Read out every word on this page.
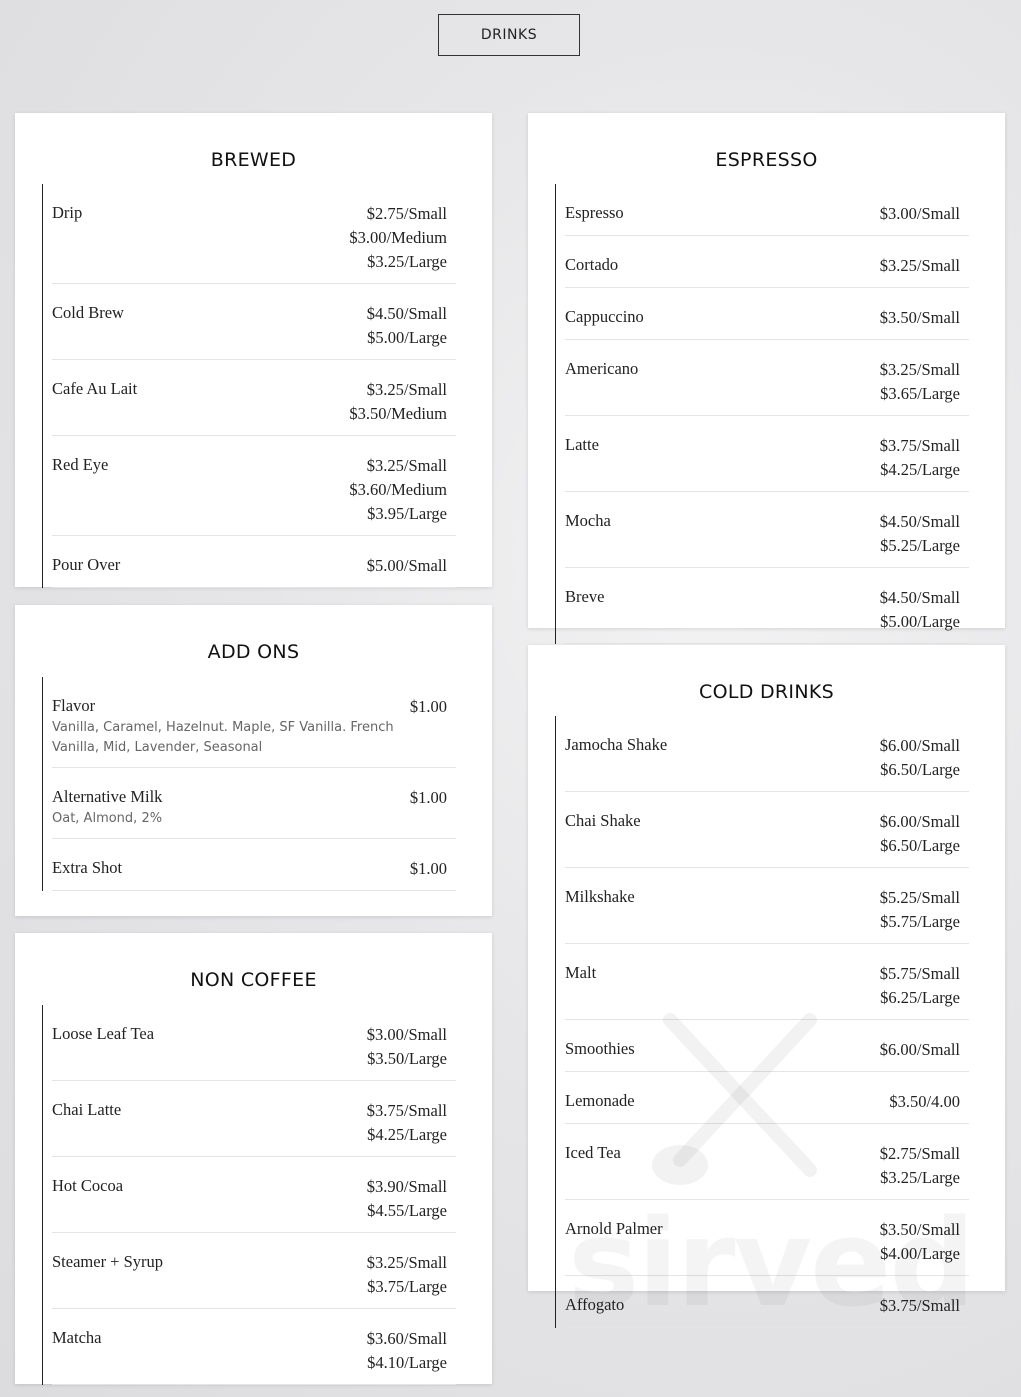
DRINKS
BREWED
Drip	$2.75/Small
$3.00/Medium
$3.25/Large
Cold Brew	$4.50/Small
$5.00/Large
Cafe Au Lait	$3.25/Small
$3.50/Medium
Red Eye	$3.25/Small
$3.60/Medium
$3.95/Large
Pour Over	$5.00/Small
ADD ONS
Flavor
Vanilla, Caramel, Hazelnut. Maple, SF Vanilla. French Vanilla, Mid, Lavender, Seasonal
$1.00
Alternative Milk
Oat, Almond, 2%
$1.00
Extra Shot	$1.00
NON COFFEE
Loose Leaf Tea	$3.00/Small
$3.50/Large
Chai Latte	$3.75/Small
$4.25/Large
Hot Cocoa	$3.90/Small
$4.55/Large
Steamer + Syrup	$3.25/Small
$3.75/Large
Matcha	$3.60/Small
$4.10/Large
ESPRESSO
Espresso	$3.00/Small
Cortado	$3.25/Small
Cappuccino	$3.50/Small
Americano	$3.25/Small
$3.65/Large
Latte	$3.75/Small
$4.25/Large
Mocha	$4.50/Small
$5.25/Large
Breve	$4.50/Small
$5.00/Large
COLD DRINKS
Jamocha Shake	$6.00/Small
$6.50/Large
Chai Shake	$6.00/Small
$6.50/Large
Milkshake	$5.25/Small
$5.75/Large
Malt	$5.75/Small
$6.25/Large
Smoothies	$6.00/Small
Lemonade	$3.50/4.00
Iced Tea	$2.75/Small
$3.25/Large
Arnold Palmer	$3.50/Small
$4.00/Large
Affogato	$3.75/Small
